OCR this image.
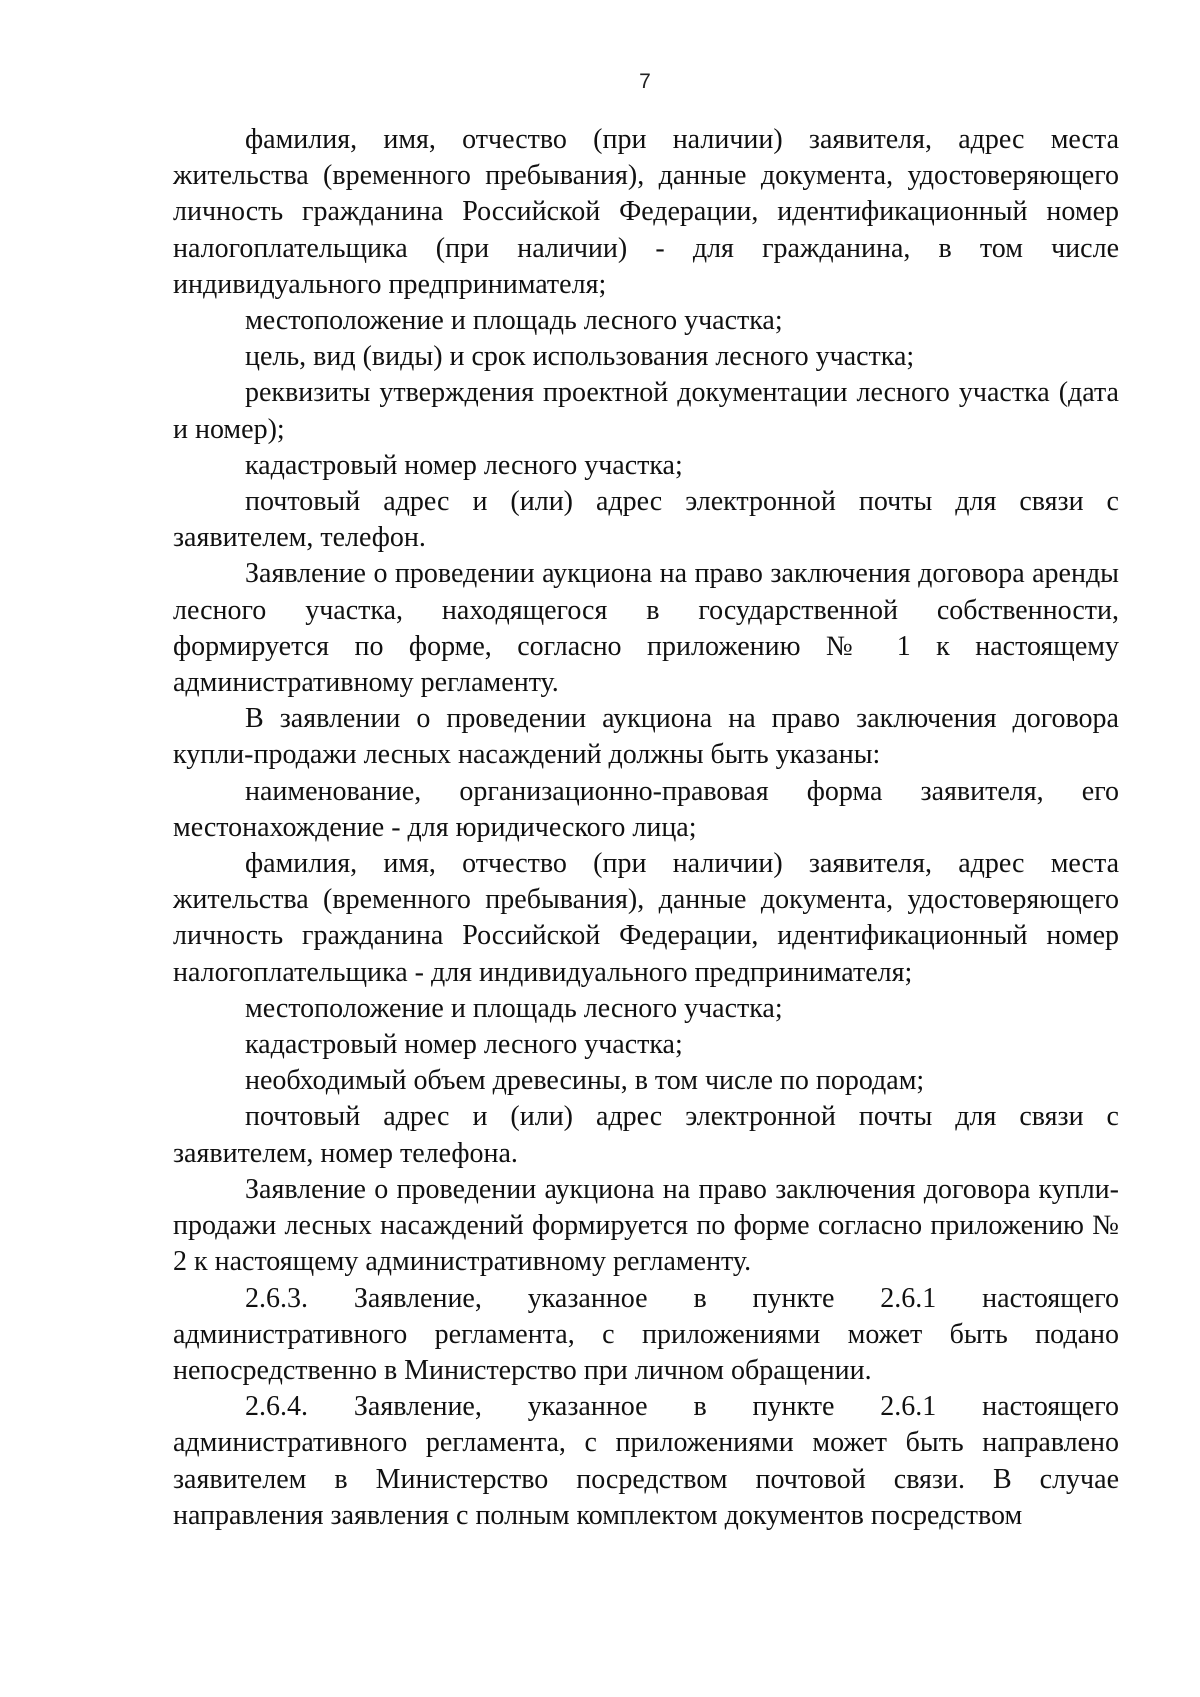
7

фамилия, имя, отчество (при наличии) заявителя, адрес места жительства (временного пребывания), данные документа, удостоверяющего личность гражданина Российской Федерации, идентификационный номер налогоплательщика (при наличии) - для гражданина, в том числе индивидуального предпринимателя;

местоположение и площадь лесного участка;

цель, вид (виды) и срок использования лесного участка;

реквизиты утверждения проектной документации лесного участка (дата и номер);

кадастровый номер лесного участка;

почтовый адрес и (или) адрес электронной почты для связи с заявителем, телефон.

Заявление о проведении аукциона на право заключения договора аренды лесного участка, находящегося в государственной собственности, формируется по форме, согласно приложению № 1 к настоящему административному регламенту.

В заявлении о проведении аукциона на право заключения договора купли-продажи лесных насаждений должны быть указаны:

наименование, организационно-правовая форма заявителя, его местонахождение - для юридического лица;

фамилия, имя, отчество (при наличии) заявителя, адрес места жительства (временного пребывания), данные документа, удостоверяющего личность гражданина Российской Федерации, идентификационный номер налогоплательщика - для индивидуального предпринимателя;

местоположение и площадь лесного участка;

кадастровый номер лесного участка;

необходимый объем древесины, в том числе по породам;

почтовый адрес и (или) адрес электронной почты для связи с заявителем, номер телефона.

Заявление о проведении аукциона на право заключения договора купли-продажи лесных насаждений формируется по форме согласно приложению № 2 к настоящему административному регламенту.

2.6.3. Заявление, указанное в пункте 2.6.1 настоящего административного регламента, с приложениями может быть подано непосредственно в Министерство при личном обращении.

2.6.4. Заявление, указанное в пункте 2.6.1 настоящего административного регламента, с приложениями может быть направлено заявителем в Министерство посредством почтовой связи. В случае направления заявления с полным комплектом документов посредством
